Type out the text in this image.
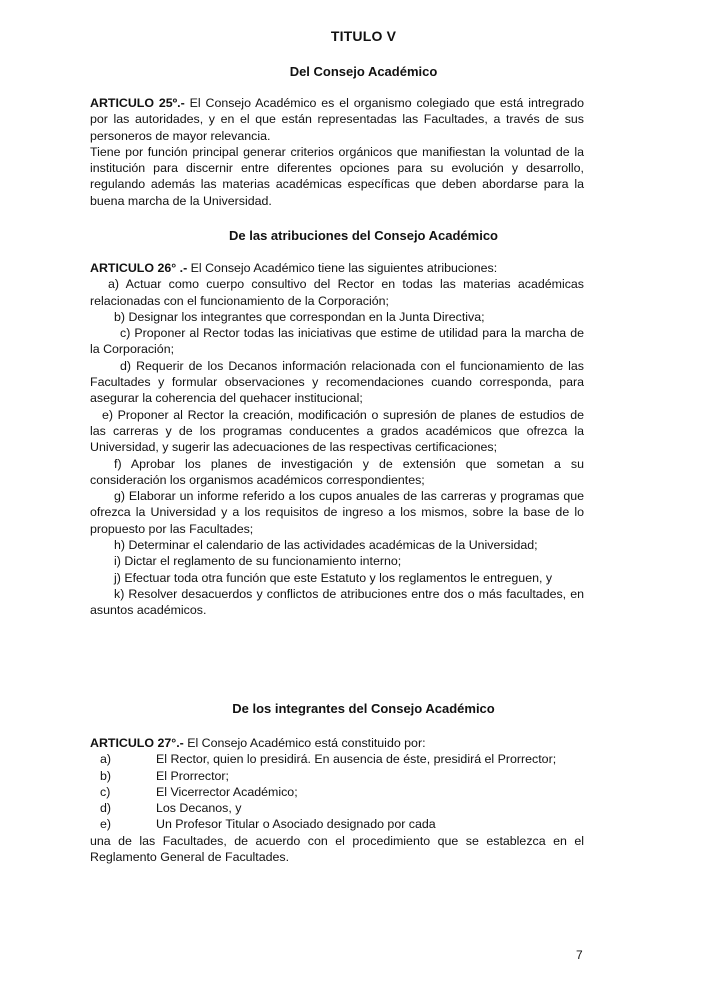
TITULO V
Del Consejo Académico

ARTICULO 25º.- El Consejo Académico es el organismo colegiado que está intregrado por las autoridades, y en el que están representadas las Facultades, a través de sus personeros de mayor relevancia.

Tiene por función principal generar criterios orgánicos que manifiestan la voluntad de la institución para discernir entre diferentes opciones para su evolución y desarrollo, regulando además las materias académicas específicas que deben abordarse para la buena marcha de la Universidad.

De las atribuciones del Consejo Académico

ARTICULO 26° .- El Consejo Académico tiene las siguientes atribuciones:

a) Actuar como cuerpo consultivo del Rector en todas las materias académicas relacionadas con el funcionamiento de la Corporación;
b) Designar los integrantes que correspondan en la Junta Directiva;
c) Proponer al Rector todas las iniciativas que estime de utilidad para la marcha de la Corporación;
d) Requerir de los Decanos información relacionada con el funcionamiento de las Facultades y formular observaciones y recomendaciones cuando corresponda, para asegurar la coherencia del quehacer institucional;
e) Proponer al Rector la creación, modificación o supresión de planes de estudios de las carreras y de los programas conducentes a grados académicos que ofrezca la Universidad, y sugerir las adecuaciones de las respectivas certificaciones;
f) Aprobar los planes de investigación y de extensión que sometan a su consideración los organismos académicos correspondientes;
g) Elaborar un informe referido a los cupos anuales de las carreras y programas que ofrezca la Universidad y a los requisitos de ingreso a los mismos, sobre la base de lo propuesto por las Facultades;
h) Determinar el calendario de las actividades académicas de la Universidad;
i) Dictar el reglamento de su funcionamiento interno;
j) Efectuar toda otra función que este Estatuto y los reglamentos le entreguen, y
k) Resolver desacuerdos y conflictos de atribuciones entre dos o más facultades, en asuntos académicos.
De los integrantes del Consejo Académico

ARTICULO 27°.- El Consejo Académico está constituido por:

a)	El Rector, quien lo presidirá. En ausencia de éste, presidirá el Prorrector;
b)	El Prorrector;
c)	El Vicerrector Académico;
d)	Los Decanos, y
e)	Un Profesor Titular o Asociado designado por cada

una de las Facultades, de acuerdo con el procedimiento que se establezca en el Reglamento General de Facultades.

7
